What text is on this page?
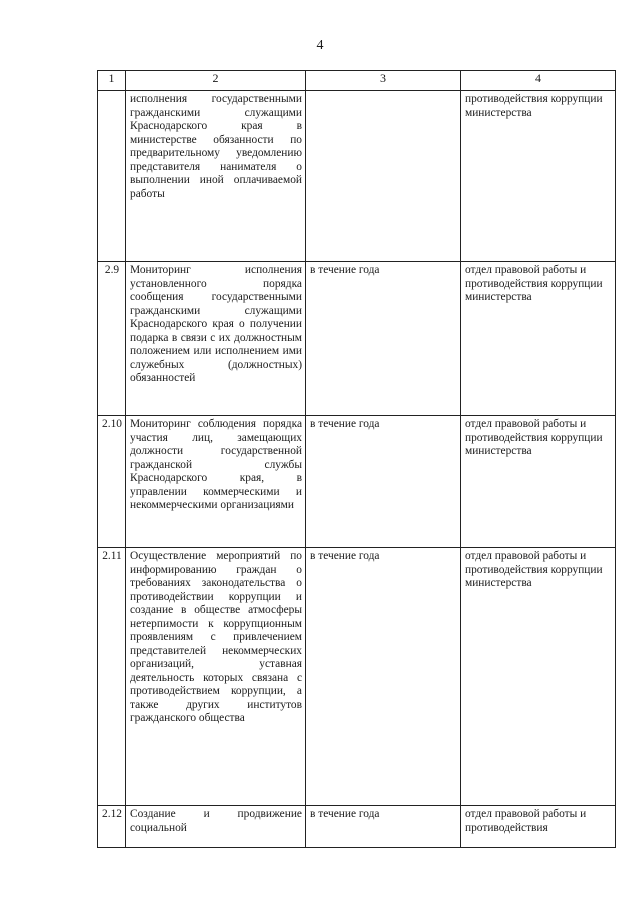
4
1	2	3	4
	исполнения государственными гражданскими служащими Краснодарского края в министерстве обязанности по предварительному уведомлению представителя нанимателя о выполнении иной оплачиваемой работы		противодействия коррупции министерства
2.9	Мониторинг исполнения установленного порядка сообщения государственными гражданскими служащими Краснодарского края о получении подарка в связи с их должностным положением или исполнением ими служебных (должностных) обязанностей	в течение года	отдел правовой работы и противодействия коррупции министерства
2.10	Мониторинг соблюдения порядка участия лиц, замещающих должности государственной гражданской службы Краснодарского края, в управлении коммерческими и некоммерческими организациями	в течение года	отдел правовой работы и противодействия коррупции министерства
2.11	Осуществление мероприятий по информированию граждан о требованиях законодательства о противодействии коррупции и создание в обществе атмосферы нетерпимости к коррупционным проявлениям с привлечением представителей некоммерческих организаций, уставная деятельность которых связана с противодействием коррупции, а также других институтов гражданского общества	в течение года	отдел правовой работы и противодействия коррупции министерства
2.12	Создание и продвижение социальной	в течение года	отдел правовой работы и противодействия
